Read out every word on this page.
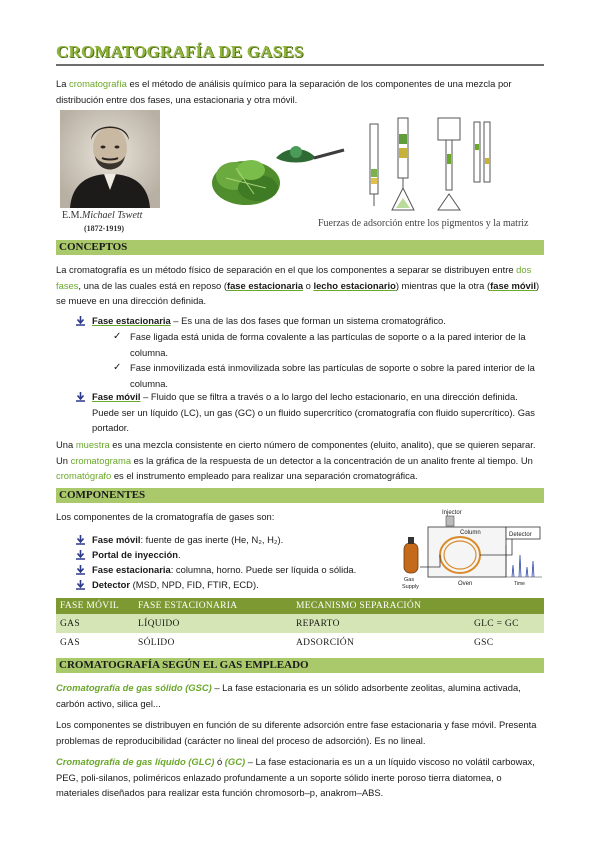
CROMATOGRAFÍA DE GASES
La cromatografía es el método de análisis químico para la separación de los componentes de una mezcla por distribución entre dos fases, una estacionaria y otra móvil.
E.M.Michael Tswett
(1872-1919)	Fuerzas de adsorción entre los pigmentos y la matriz
CONCEPTOS
La cromatografía es un método físico de separación en el que los componentes a separar se distribuyen entre dos fases, una de las cuales está en reposo (fase estacionaria o lecho estacionario) mientras que la otra (fase móvil) se mueve en una dirección definida.
Fase estacionaria – Es una de las dos fases que forman un sistema cromatográfico.
✓ Fase ligada está unida de forma covalente a las partículas de soporte o a la pared interior de la columna.
✓ Fase inmovilizada está inmovilizada sobre las partículas de soporte o sobre la pared interior de la columna.
Fase móvil – Fluido que se filtra a través o a lo largo del lecho estacionario, en una dirección definida. Puede ser un líquido (LC), un gas (GC) o un fluido supercrítico (cromatografía con fluido supercrítico). Gas portador.
Una muestra es una mezcla consistente en cierto número de componentes (eluito, analito), que se quieren separar. Un cromatograma es la gráfica de la respuesta de un detector a la concentración de un analito frente al tiempo. Un cromatógrafo es el instrumento empleado para realizar una separación cromatográfica.
COMPONENTES
Los componentes de la cromatografía de gases son:
Fase móvil: fuente de gas inerte (He, N₂, H₂).
Portal de inyección.
Fase estacionaria: columna, horno. Puede ser líquida o sólida.
Detector (MSD, NPD, FID, FTIR, ECD).
Injector
Column
Oven
Detector
Time
Gas
Supply
FASE MÓVIL	FASE ESTACIONARIA	MECANISMO SEPARACIÓN	
GAS	LÍQUIDO	REPARTO	GLC = GC
GAS	SÓLIDO	ADSORCIÓN	GSC
CROMATOGRAFÍA SEGÚN EL GAS EMPLEADO
Cromatografía de gas sólido (GSC) – La fase estacionaria es un sólido adsorbente zeolitas, alumina activada, carbón activo, silica gel...
Los componentes se distribuyen en función de su diferente adsorción entre fase estacionaria y fase móvil. Presenta problemas de reproducibilidad (carácter no lineal del proceso de adsorción). Es no lineal.
Cromatografía de gas líquido (GLC) ó (GC) – La fase estacionaria es un a un líquido viscoso no volátil carbowax, PEG, poli-silanos, poliméricos enlazado profundamente a un soporte sólido inerte poroso tierra diatomea, o materiales diseñados para realizar esta función chromosorb–p, anakrom–ABS.
